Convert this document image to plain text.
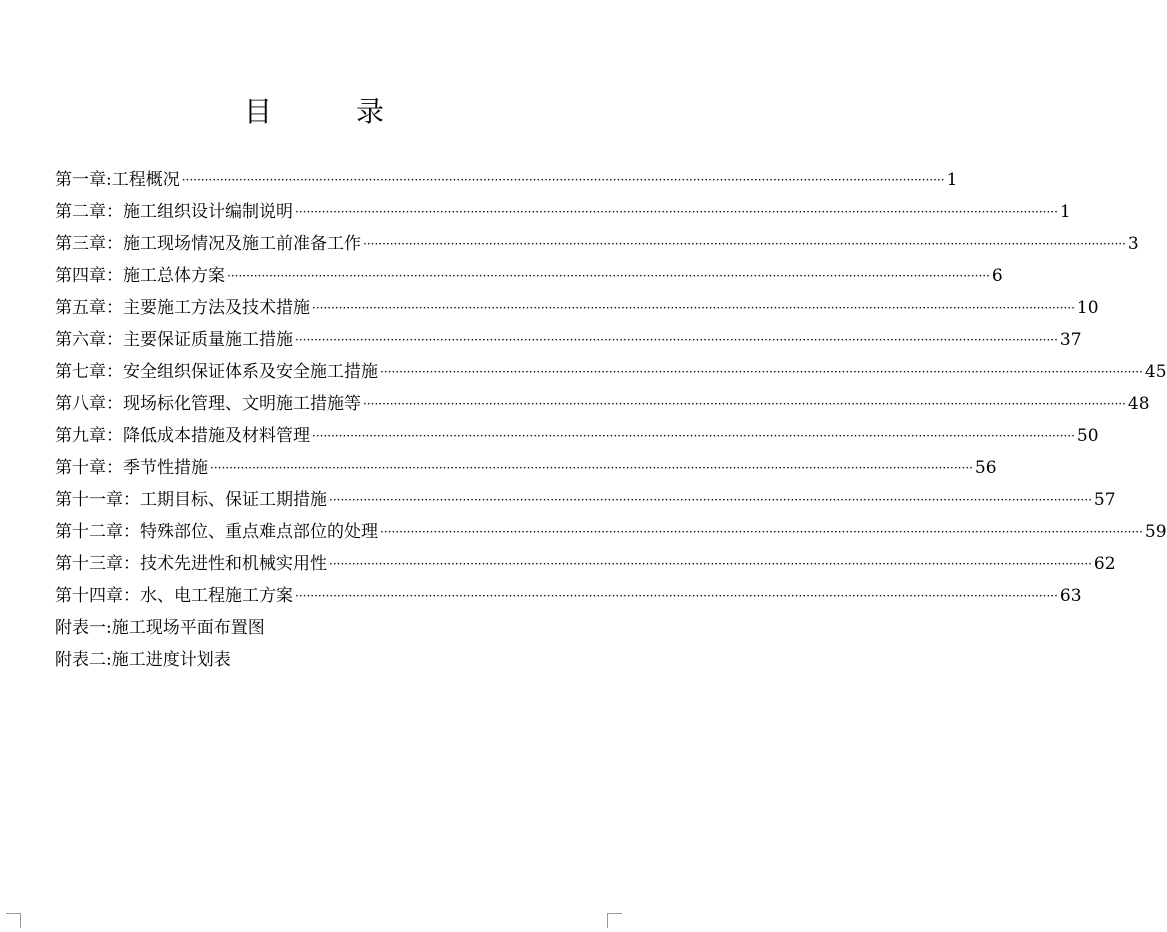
目　录
第一章:工程概况 ········································································································································································································ 1
第二章：施工组织设计编制说明 ········································································································································································································ 1
第三章：施工现场情况及施工前准备工作 ········································································································································································································ 3
第四章：施工总体方案 ········································································································································································································ 6
第五章：主要施工方法及技术措施 ········································································································································································································ 10
第六章：主要保证质量施工措施 ········································································································································································································ 37
第七章：安全组织保证体系及安全施工措施 ········································································································································································································ 45
第八章：现场标化管理、文明施工措施等 ········································································································································································································ 48
第九章：降低成本措施及材料管理 ········································································································································································································ 50
第十章：季节性措施 ········································································································································································································ 56
第十一章：工期目标、保证工期措施 ········································································································································································································ 57
第十二章：特殊部位、重点难点部位的处理 ········································································································································································································ 59
第十三章：技术先进性和机械实用性 ········································································································································································································ 62
第十四章：水、电工程施工方案 ········································································································································································································ 63
附表一:施工现场平面布置图
附表二:施工进度计划表
